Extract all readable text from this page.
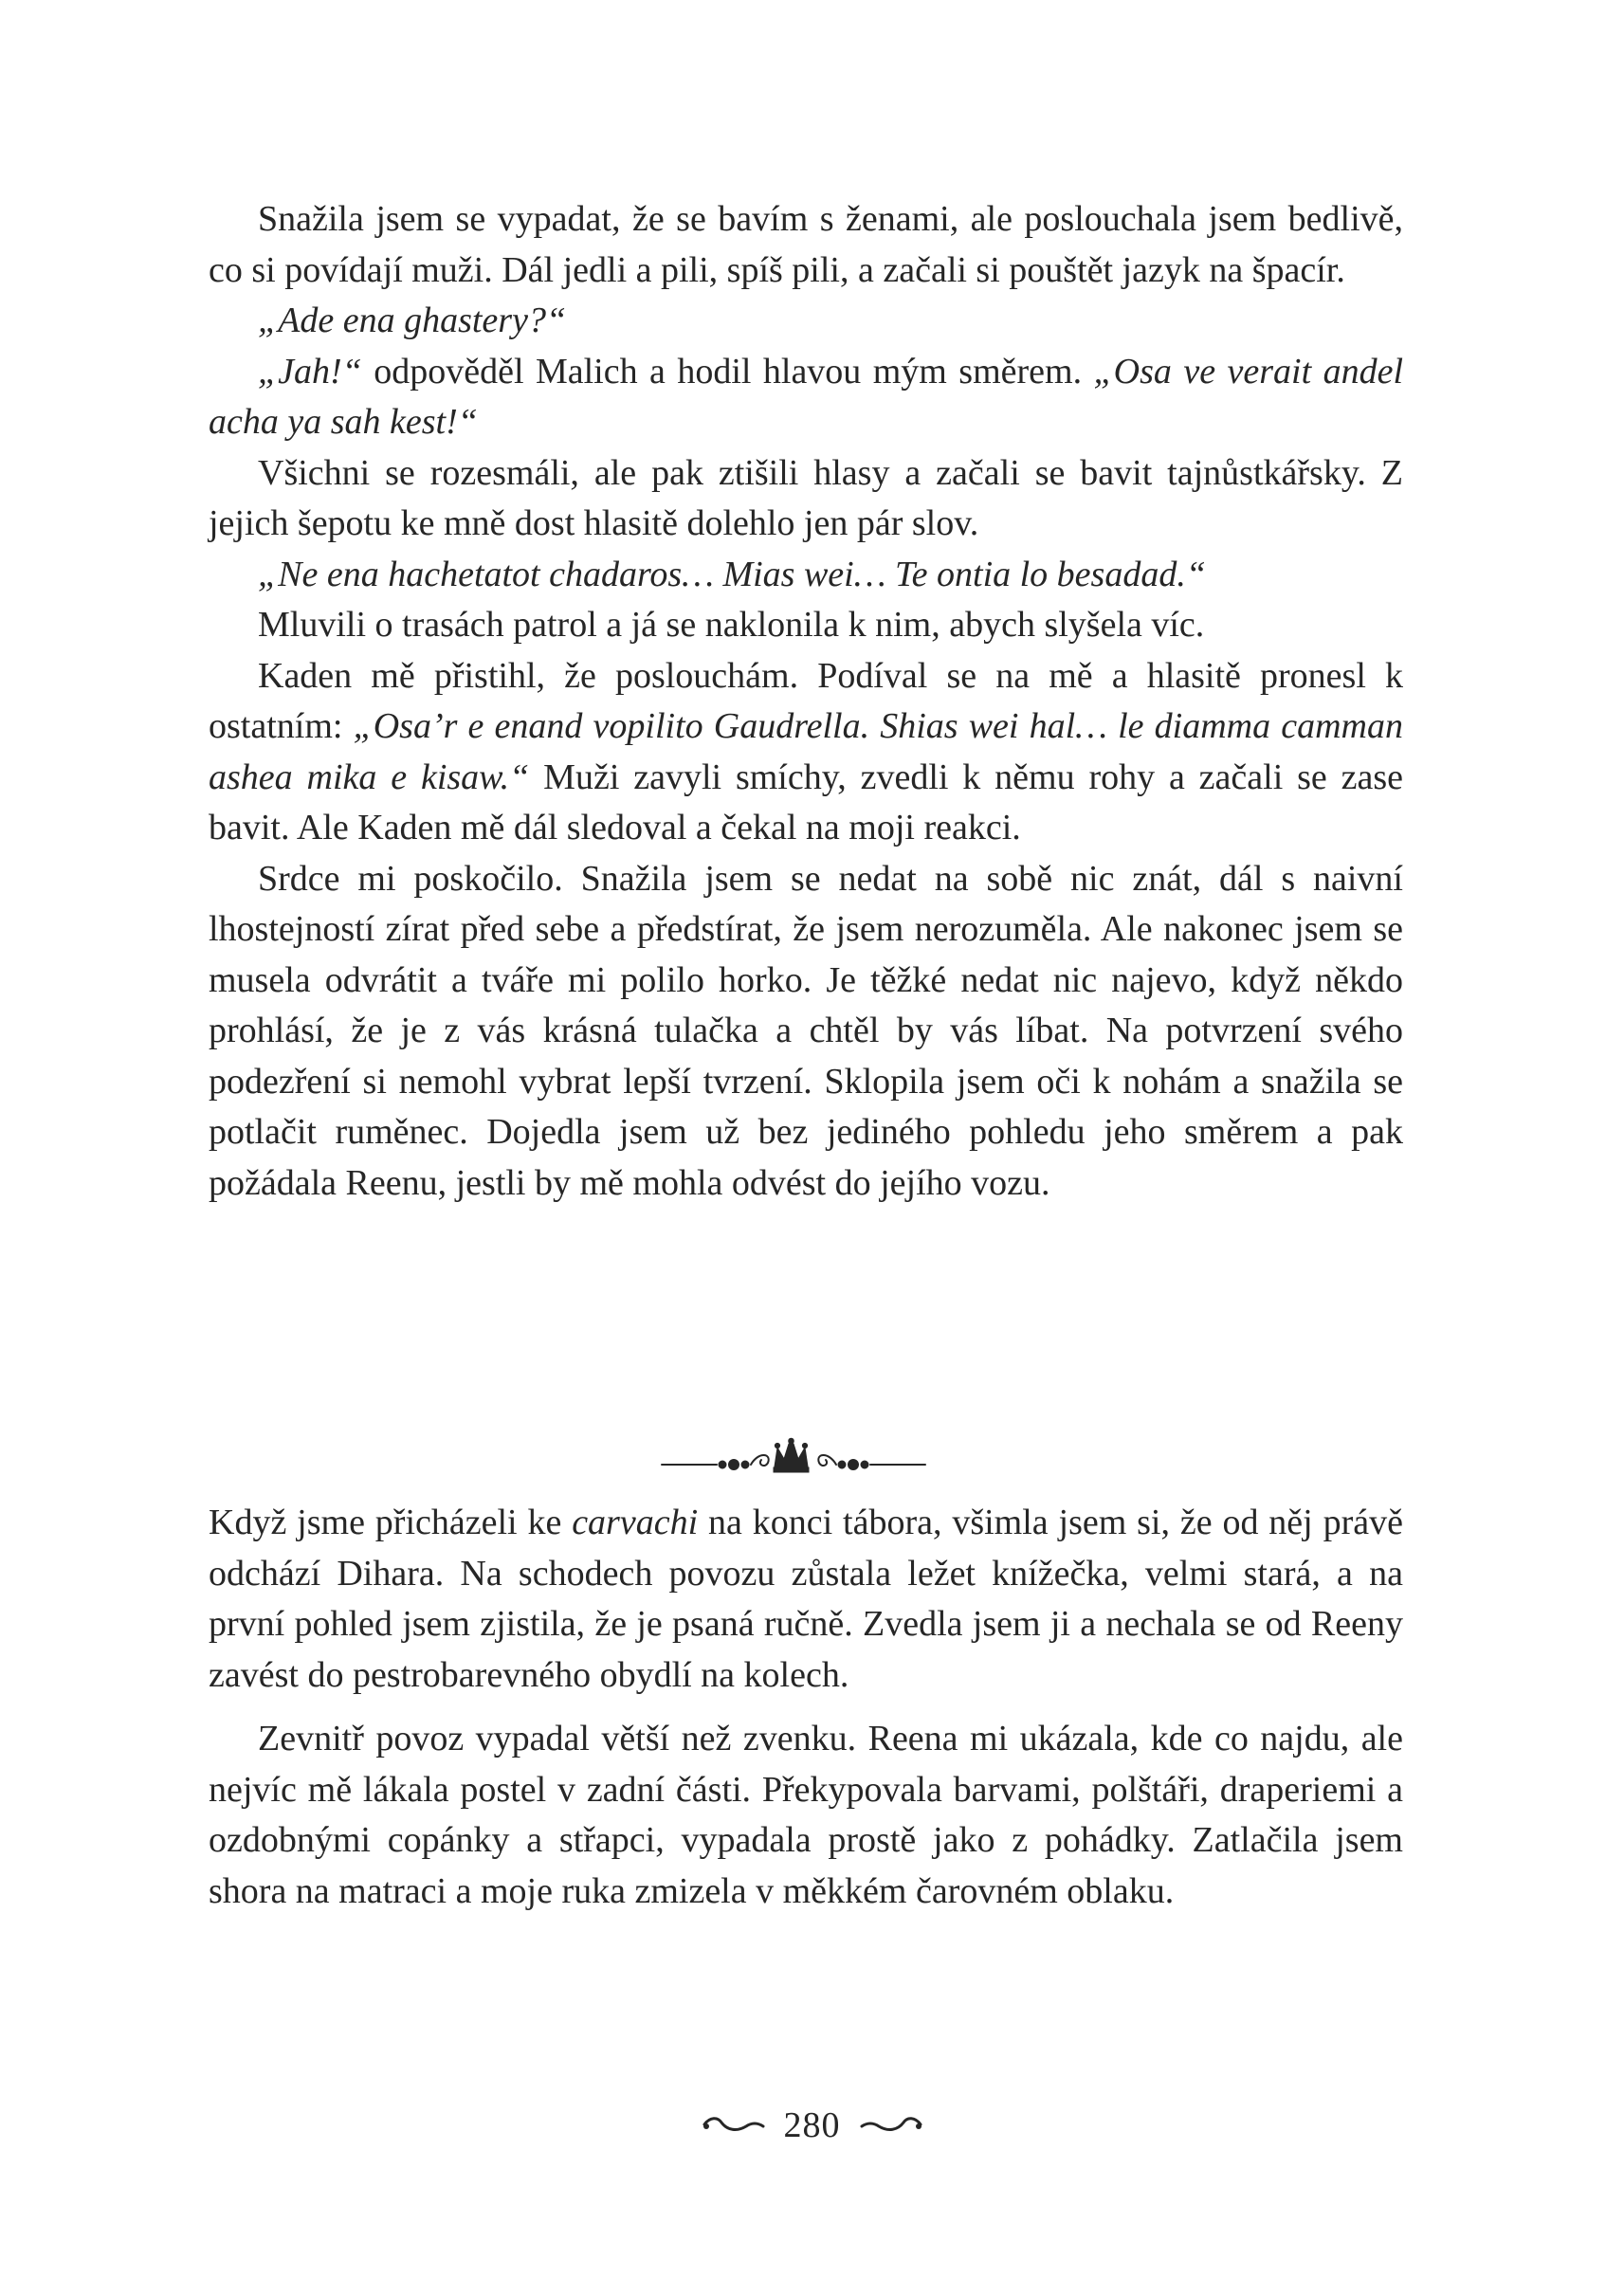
Snažila jsem se vypadat, že se bavím s ženami, ale poslouchala jsem bedlivě, co si povídají muži. Dál jedli a pili, spíš pili, a začali si pouštět jazyk na špacír.

„Ade ena ghastery?“

„Jah!“ odpověděl Malich a hodil hlavou mým směrem. „Osa ve verait andel acha ya sah kest!“

Všichni se rozesmáli, ale pak ztišili hlasy a začali se bavit tajnůstkářsky. Z jejich šepotu ke mně dost hlasitě dolehlo jen pár slov.

„Ne ena hachetatot chadaros… Mias wei… Te ontia lo besadad.“

Mluvili o trasách patrol a já se naklonila k nim, abych slyšela víc.

Kaden mě přistihl, že poslouchám. Podíval se na mě a hlasitě pronesl k ostatním: „Osa’r e enand vopilito Gaudrella. Shias wei hal… le diamma camman ashea mika e kisaw.“ Muži zavyli smíchy, zvedli k němu rohy a začali se zase bavit. Ale Kaden mě dál sledoval a čekal na moji reakci.

Srdce mi poskočilo. Snažila jsem se nedat na sobě nic znát, dál s naivní lhostejností zírat před sebe a předstírat, že jsem nerozuměla. Ale nakonec jsem se musela odvrátit a tváře mi polilo horko. Je těžké nedat nic najevo, když někdo prohlásí, že je z vás krásná tulačka a chtěl by vás líbat. Na potvrzení svého podezření si nemohl vybrat lepší tvrzení. Sklopila jsem oči k nohám a snažila se potlačit ruměnec. Dojedla jsem už bez jediného pohledu jeho směrem a pak požádala Reenu, jestli by mě mohla odvést do jejího vozu.

Když jsme přicházeli ke carvachi na konci tábora, všimla jsem si, že od něj právě odchází Dihara. Na schodech povozu zůstala ležet knížečka, velmi stará, a na první pohled jsem zjistila, že je psaná ručně. Zvedla jsem ji a nechala se od Reeny zavést do pestrobarevného obydlí na kolech.

Zevnitř povoz vypadal větší než zvenku. Reena mi ukázala, kde co najdu, ale nejvíc mě lákala postel v zadní části. Překypovala barvami, polštáři, draperiemi a ozdobnými copánky a střapci, vypadala prostě jako z pohádky. Zatlačila jsem shora na matraci a moje ruka zmizela v měkkém čarovném oblaku.

280
